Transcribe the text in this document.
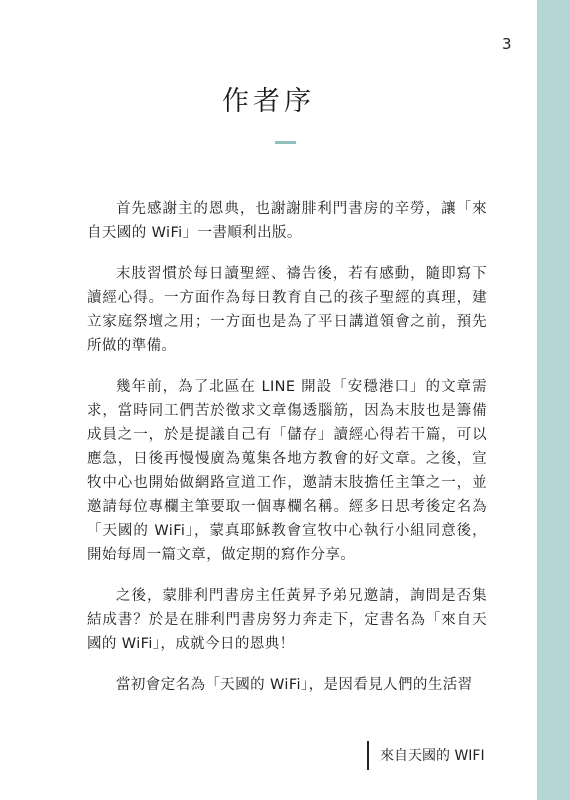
3
作者序

首先感謝主的恩典，也謝謝腓利門書房的辛勞，讓「來自天國的 WiFi」一書順利出版。

末肢習慣於每日讀聖經、禱告後，若有感動，隨即寫下讀經心得。一方面作為每日教育自己的孩子聖經的真理，建立家庭祭壇之用；一方面也是為了平日講道領會之前，預先所做的準備。

幾年前，為了北區在 LINE 開設「安穩港口」的文章需求，當時同工們苦於徵求文章傷透腦筋，因為末肢也是籌備成員之一，於是提議自己有「儲存」讀經心得若干篇，可以應急，日後再慢慢廣為蒐集各地方教會的好文章。之後，宣牧中心也開始做網路宣道工作，邀請末肢擔任主筆之一，並邀請每位專欄主筆要取一個專欄名稱。經多日思考後定名為「天國的 WiFi」，蒙真耶穌教會宣牧中心執行小組同意後，開始每周一篇文章，做定期的寫作分享。

之後，蒙腓利門書房主任黃昇予弟兄邀請，詢問是否集結成書？於是在腓利門書房努力奔走下，定書名為「來自天國的 WiFi」，成就今日的恩典！

當初會定名為「天國的 WiFi」，是因看見人們的生活習

來自天國的 WIFI
